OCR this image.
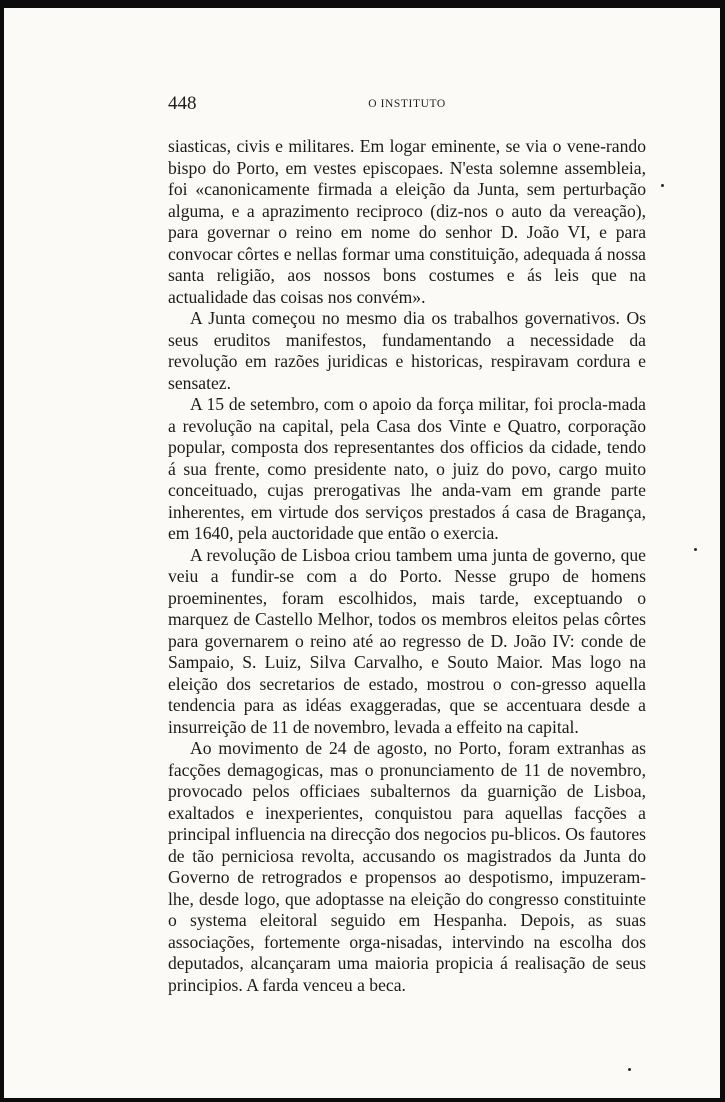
448	O INSTITUTO

siasticas, civis e militares. Em logar eminente, se via o vene-rando bispo do Porto, em vestes episcopaes. N'esta solemne assembleia, foi «canonicamente firmada a eleição da Junta, sem perturbação alguma, e a aprazimento reciproco (diz-nos o auto da vereação), para governar o reino em nome do senhor D. João VI, e para convocar côrtes e nellas formar uma constituição, adequada á nossa santa religião, aos nossos bons costumes e ás leis que na actualidade das coisas nos convém».

A Junta começou no mesmo dia os trabalhos governativos. Os seus eruditos manifestos, fundamentando a necessidade da revolução em razões juridicas e historicas, respiravam cordura e sensatez.

A 15 de setembro, com o apoio da força militar, foi procla-mada a revolução na capital, pela Casa dos Vinte e Quatro, corporação popular, composta dos representantes dos officios da cidade, tendo á sua frente, como presidente nato, o juiz do povo, cargo muito conceituado, cujas prerogativas lhe anda-vam em grande parte inherentes, em virtude dos serviços prestados á casa de Bragança, em 1640, pela auctoridade que então o exercia.

A revolução de Lisboa criou tambem uma junta de governo, que veiu a fundir-se com a do Porto. Nesse grupo de homens proeminentes, foram escolhidos, mais tarde, exceptuando o marquez de Castello Melhor, todos os membros eleitos pelas côrtes para governarem o reino até ao regresso de D. João IV: conde de Sampaio, S. Luiz, Silva Carvalho, e Souto Maior. Mas logo na eleição dos secretarios de estado, mostrou o con-gresso aquella tendencia para as idéas exaggeradas, que se accentuara desde a insurreição de 11 de novembro, levada a effeito na capital.

Ao movimento de 24 de agosto, no Porto, foram extranhas as facções demagogicas, mas o pronunciamento de 11 de novembro, provocado pelos officiaes subalternos da guarnição de Lisboa, exaltados e inexperientes, conquistou para aquellas facções a principal influencia na direcção dos negocios pu-blicos. Os fautores de tão perniciosa revolta, accusando os magistrados da Junta do Governo de retrogrados e propensos ao despotismo, impuzeram-lhe, desde logo, que adoptasse na eleição do congresso constituinte o systema eleitoral seguido em Hespanha. Depois, as suas associações, fortemente orga-nisadas, intervindo na escolha dos deputados, alcançaram uma maioria propicia á realisação de seus principios. A farda venceu a beca.
